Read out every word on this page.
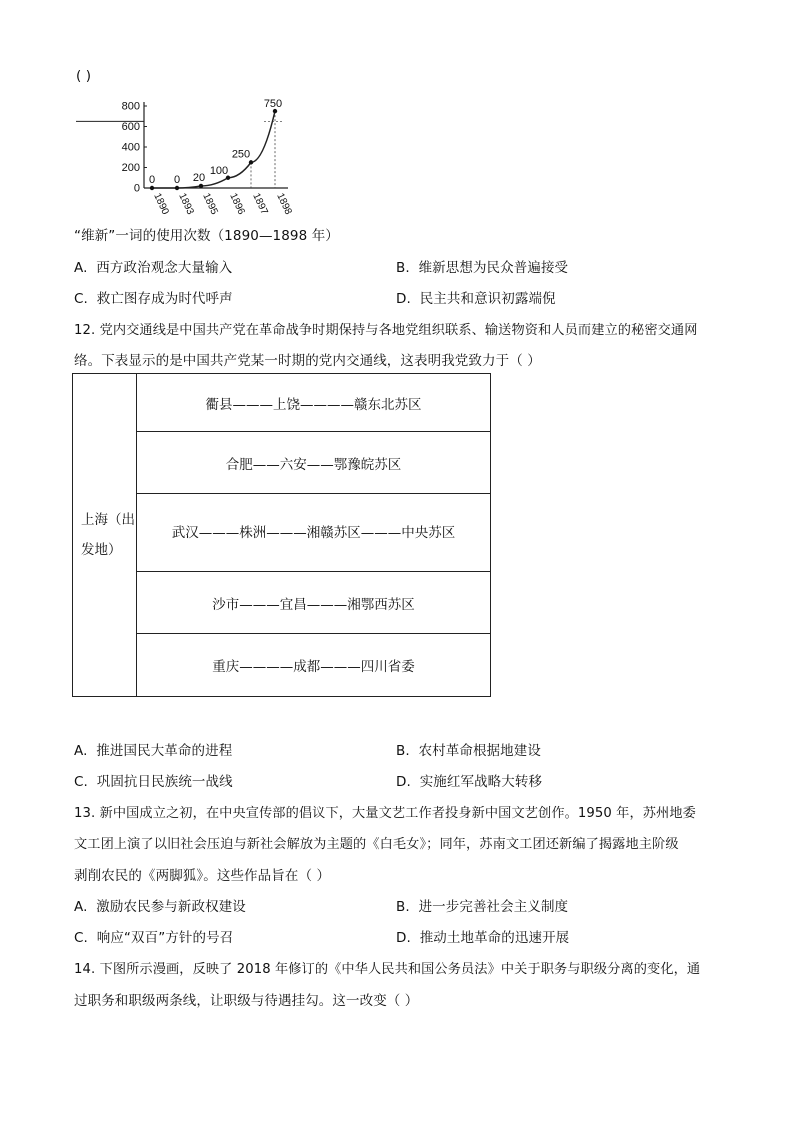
( )
0
200
400
600
800
1890 1893 1895 1896 1897 1898
0 0 20
100
250
750
“维新”一词的使用次数（1890—1898 年）
A. 西方政治观念大量输入	B. 维新思想为民众普遍接受
C. 救亡图存成为时代呼声	D. 民主共和意识初露端倪
12. 党内交通线是中国共产党在革命战争时期保持与各地党组织联系、输送物资和人员而建立的秘密交通网
络。下表显示的是中国共产党某一时期的党内交通线，这表明我党致力于（ ）
上海（出发地）	衢县———上饶————赣东北苏区
合肥——六安——鄂豫皖苏区
武汉———株洲———湘赣苏区———中央苏区
沙市———宜昌———湘鄂西苏区
重庆————成都———四川省委
A. 推进国民大革命的进程	B. 农村革命根据地建设
C. 巩固抗日民族统一战线	D. 实施红军战略大转移
13. 新中国成立之初，在中央宣传部的倡议下，大量文艺工作者投身新中国文艺创作。1950 年，苏州地委
文工团上演了以旧社会压迫与新社会解放为主题的《白毛女》；同年，苏南文工团还新编了揭露地主阶级
剥削农民的《两脚狐》。这些作品旨在（ ）
A. 激励农民参与新政权建设	B. 进一步完善社会主义制度
C. 响应“双百”方针的号召	D. 推动土地革命的迅速开展
14. 下图所示漫画，反映了 2018 年修订的《中华人民共和国公务员法》中关于职务与职级分离的变化，通
过职务和职级两条线，让职级与待遇挂勾。这一改变（ ）
